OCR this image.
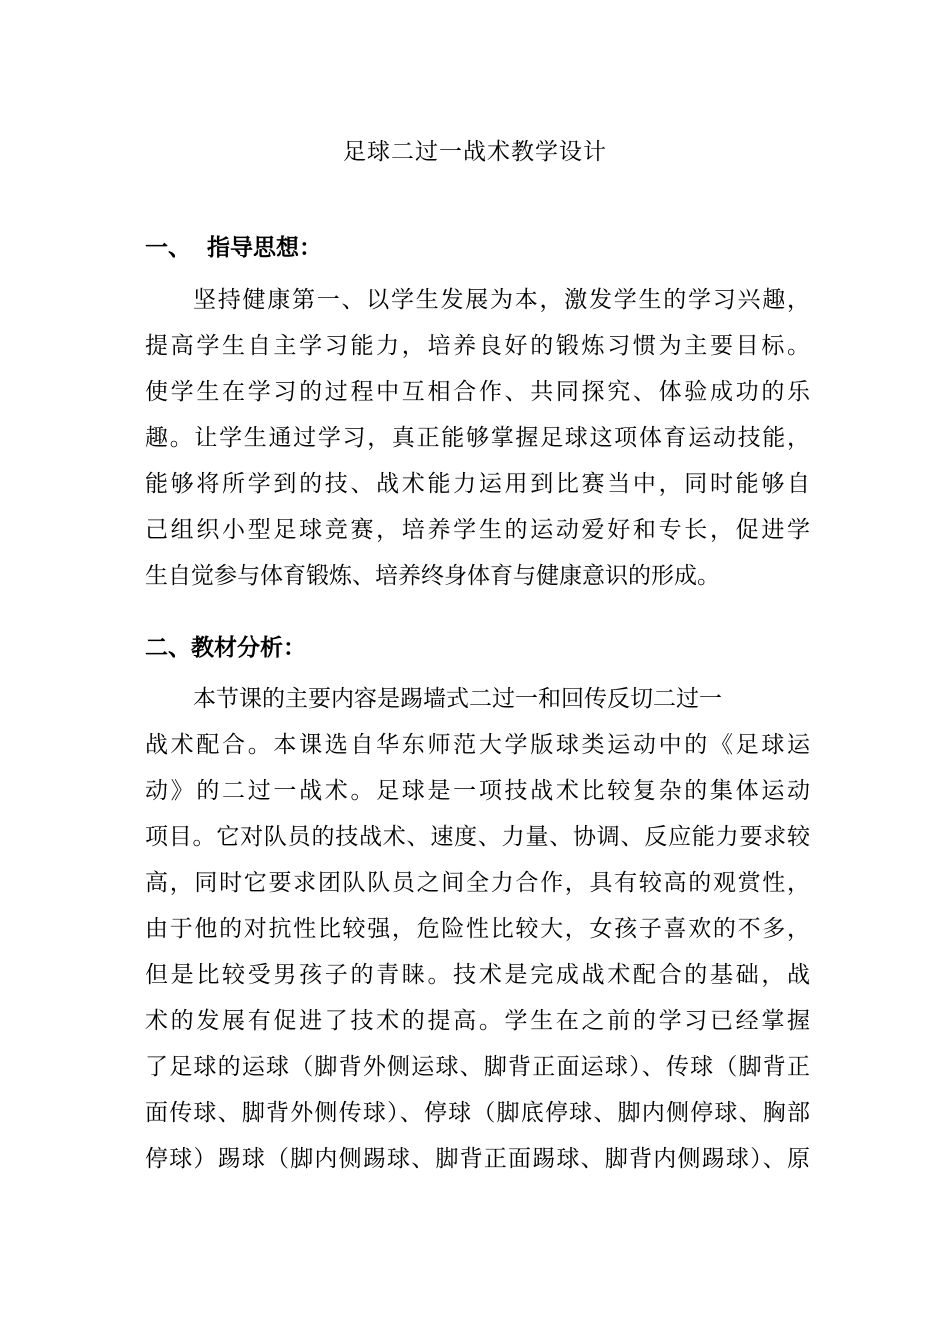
足球二过一战术教学设计
一、 指导思想：
坚持健康第一、以学生发展为本，激发学生的学习兴趣，
提高学生自主学习能力，培养良好的锻炼习惯为主要目标。
使学生在学习的过程中互相合作、共同探究、体验成功的乐
趣。让学生通过学习，真正能够掌握足球这项体育运动技能，
能够将所学到的技、战术能力运用到比赛当中，同时能够自
己组织小型足球竞赛，培养学生的运动爱好和专长，促进学
生自觉参与体育锻炼、培养终身体育与健康意识的形成。
二、教材分析：
本节课的主要内容是踢墙式二过一和回传反切二过一
战术配合。本课选自华东师范大学版球类运动中的《足球运
动》的二过一战术。足球是一项技战术比较复杂的集体运动
项目。它对队员的技战术、速度、力量、协调、反应能力要求较
高，同时它要求团队队员之间全力合作，具有较高的观赏性，
由于他的对抗性比较强，危险性比较大，女孩子喜欢的不多，
但是比较受男孩子的青睐。技术是完成战术配合的基础，战
术的发展有促进了技术的提高。学生在之前的学习已经掌握
了足球的运球（脚背外侧运球、脚背正面运球）、传球（脚背正
面传球、脚背外侧传球）、停球（脚底停球、脚内侧停球、胸部
停球）踢球（脚内侧踢球、脚背正面踢球、脚背内侧踢球）、原
